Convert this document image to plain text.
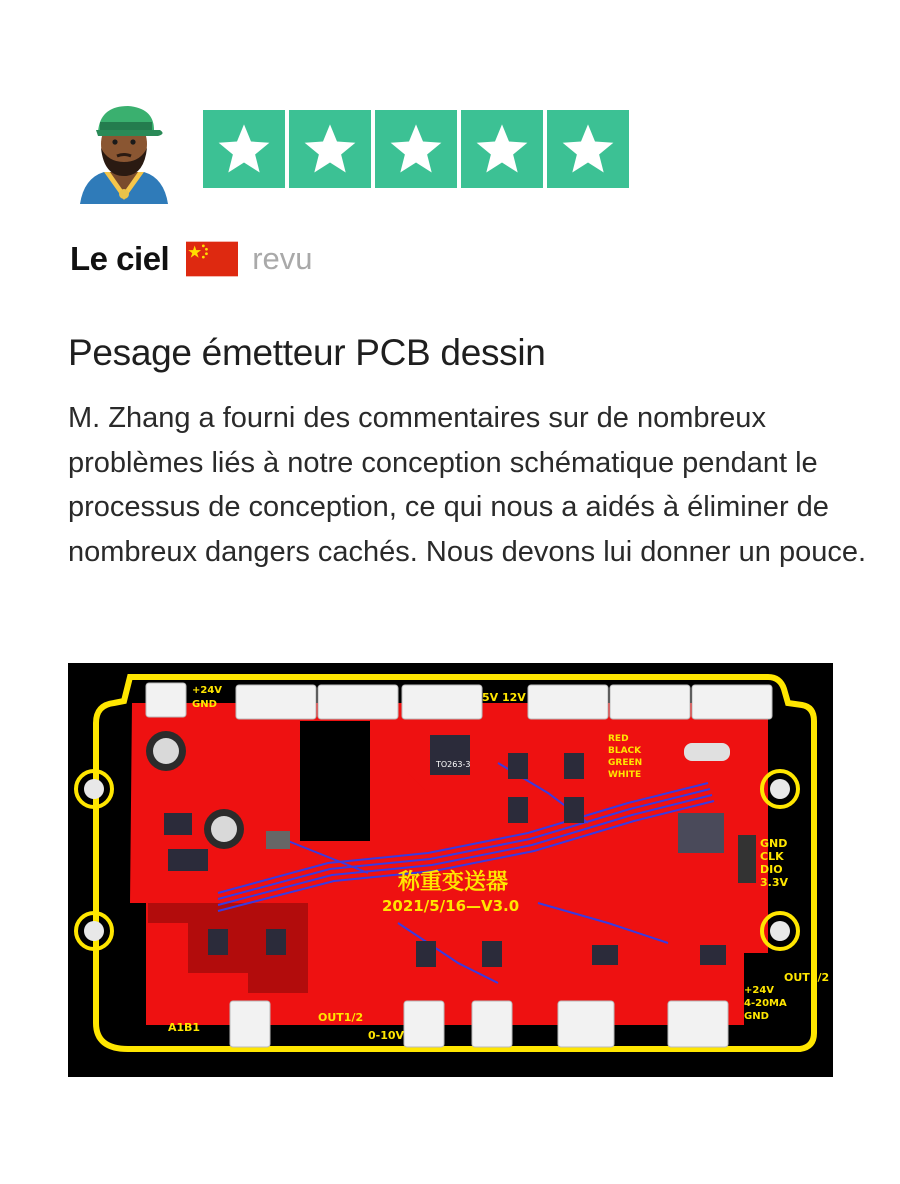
Le ciel	revu
Pesage émetteur PCB dessin

M. Zhang a fourni des commentaires sur de nombreux problèmes liés à notre conception schématique pendant le processus de conception, ce qui nous a aidés à éliminer de nombreux dangers cachés. Nous devons lui donner un pouce.

称重变送器
2021/5/16—V3.0
TO263-3
5V 12V
+24V
GND
RED
BLACK
GREEN
WHITE
GND
CLK
DIO
3.3V
A1 B1
OUT1/2
0-10V
+24V
4-20MA
GND
OUT1/2
